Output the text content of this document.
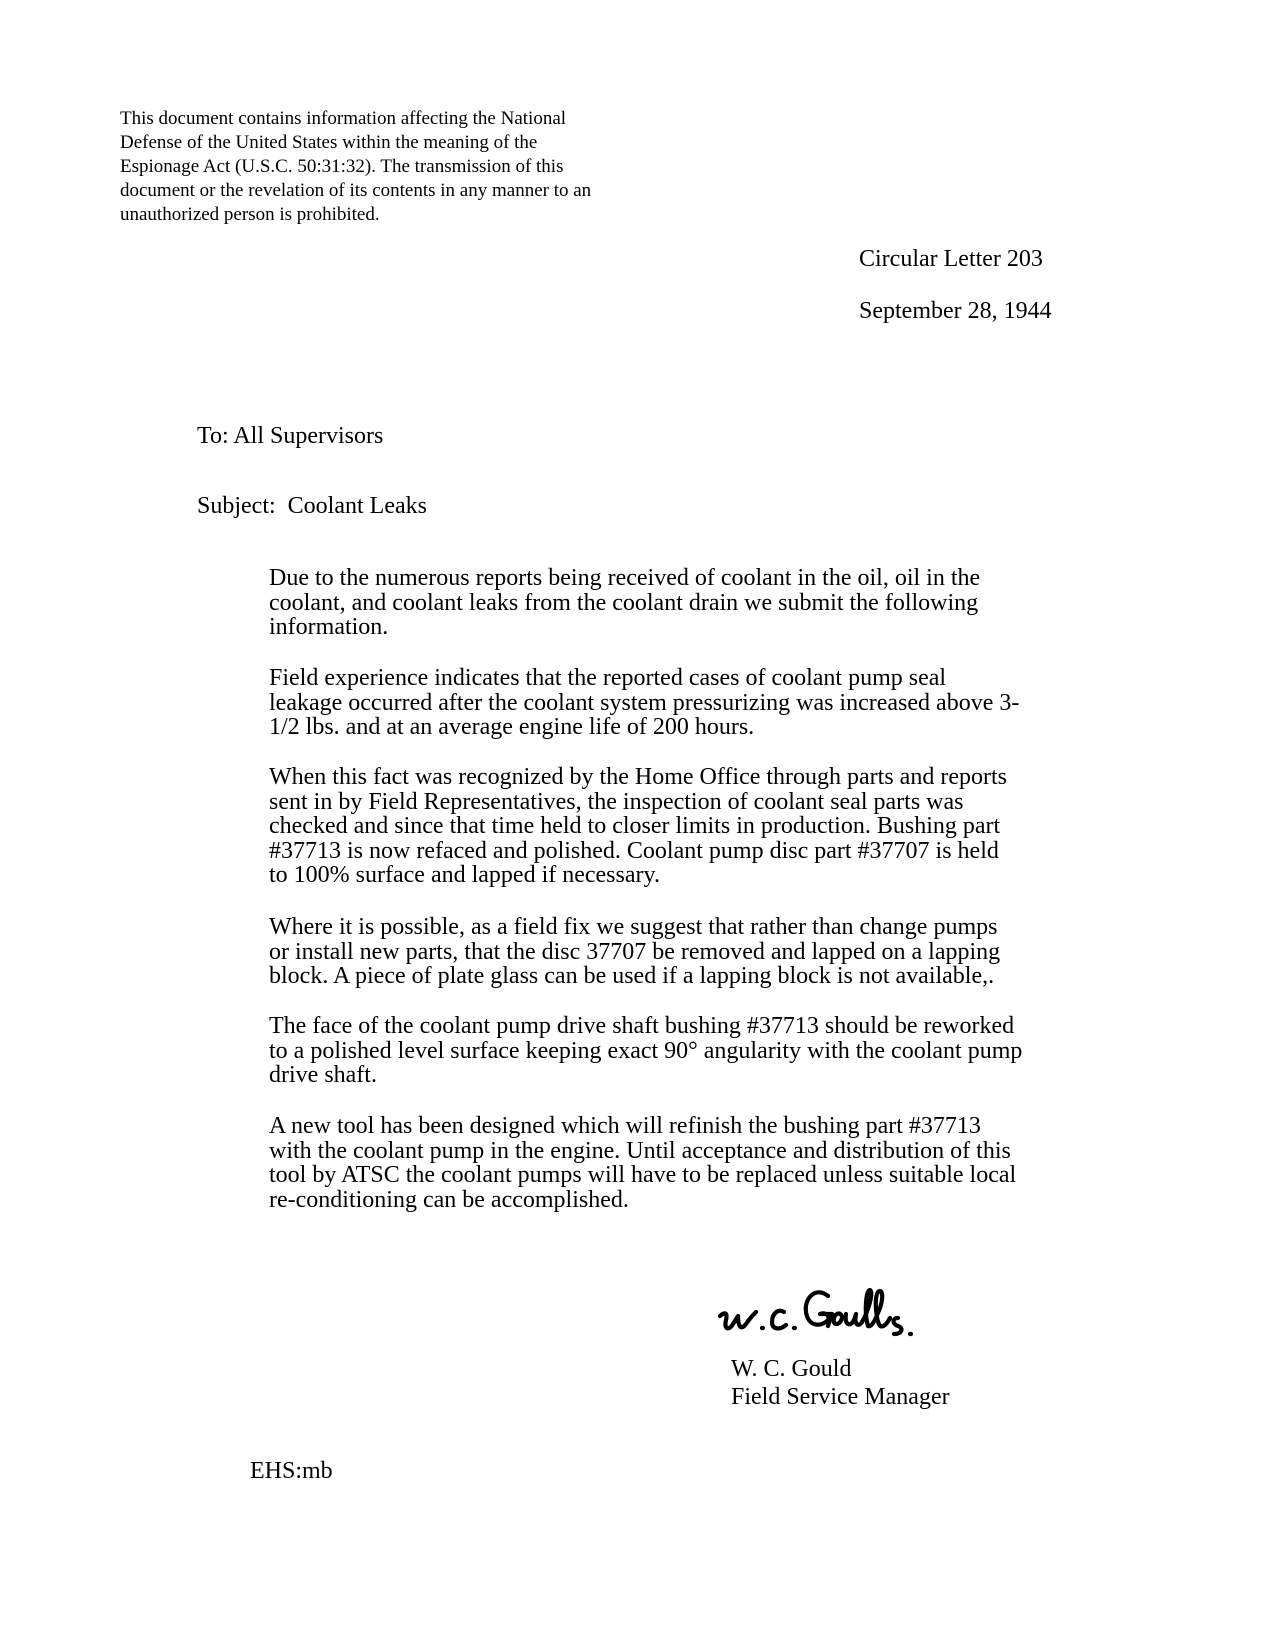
This document contains information affecting the National
Defense of the United States within the meaning of the
Espionage Act (U.S.C. 50:31:32). The transmission of this
document or the revelation of its contents in any manner to an
unauthorized person is prohibited.
Circular Letter 203
September 28, 1944
To: All Supervisors
Subject: Coolant Leaks
Due to the numerous reports being received of coolant in the oil, oil in the
coolant, and coolant leaks from the coolant drain we submit the following
information.
Field experience indicates that the reported cases of coolant pump seal
leakage occurred after the coolant system pressurizing was increased above 3-
1/2 lbs. and at an average engine life of 200 hours.
When this fact was recognized by the Home Office through parts and reports
sent in by Field Representatives, the inspection of coolant seal parts was
checked and since that time held to closer limits in production. Bushing part
#37713 is now refaced and polished. Coolant pump disc part #37707 is held
to 100% surface and lapped if necessary.
Where it is possible, as a field fix we suggest that rather than change pumps
or install new parts, that the disc 37707 be removed and lapped on a lapping
block. A piece of plate glass can be used if a lapping block is not available,.
The face of the coolant pump drive shaft bushing #37713 should be reworked
to a polished level surface keeping exact 90° angularity with the coolant pump
drive shaft.
A new tool has been designed which will refinish the bushing part #37713
with the coolant pump in the engine. Until acceptance and distribution of this
tool by ATSC the coolant pumps will have to be replaced unless suitable local
re-conditioning can be accomplished.
W. C. Gould
Field Service Manager
EHS:mb
